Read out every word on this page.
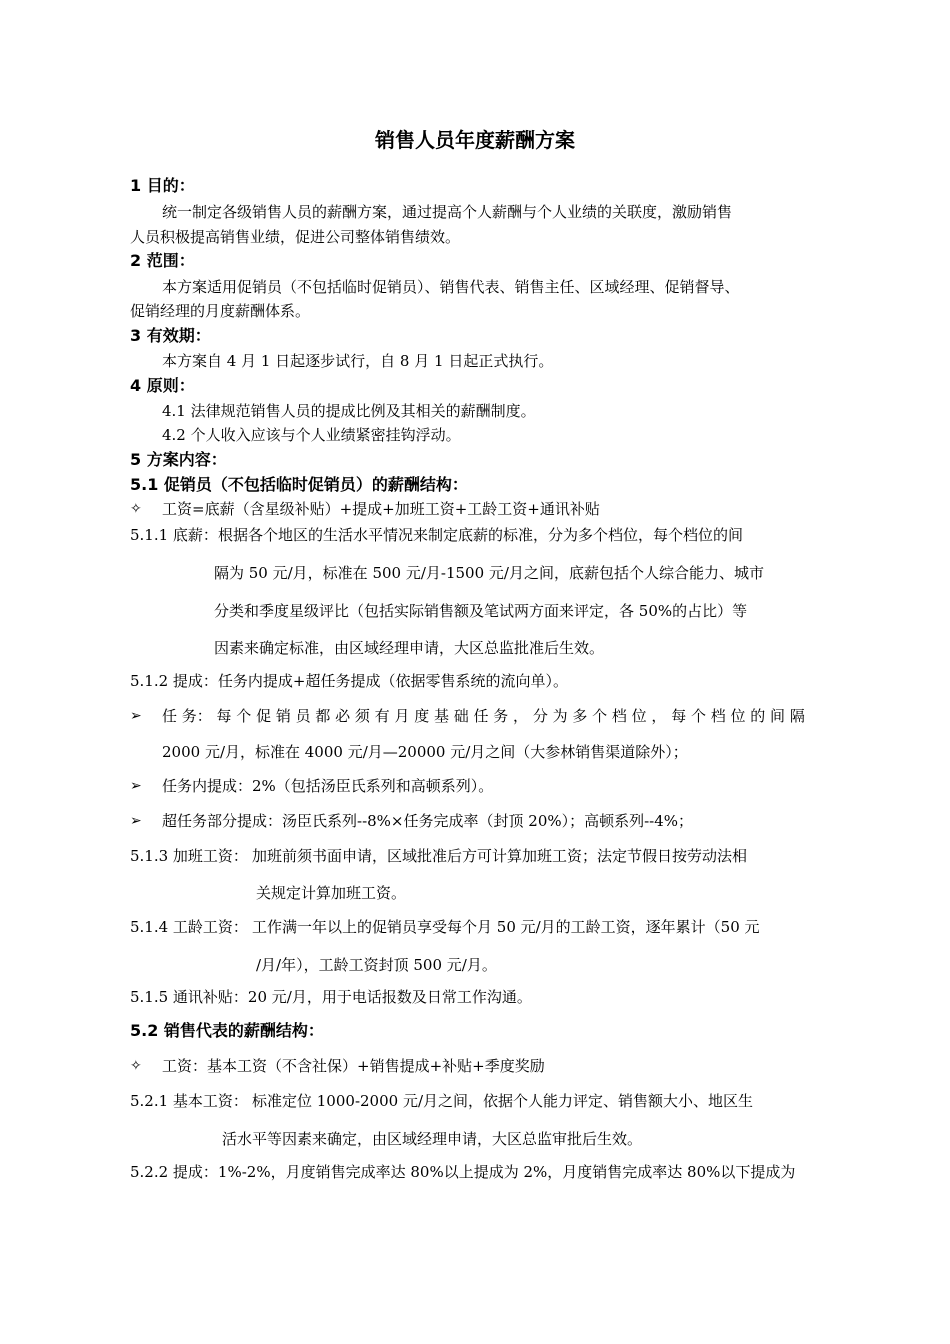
销售人员年度薪酬方案
1 目的：
统一制定各级销售人员的薪酬方案，通过提高个人薪酬与个人业绩的关联度，激励销售
人员积极提高销售业绩，促进公司整体销售绩效。
2 范围：
本方案适用促销员（不包括临时促销员）、销售代表、销售主任、区域经理、促销督导、
促销经理的月度薪酬体系。
3 有效期：
本方案自 4 月 1 日起逐步试行，自 8 月 1 日起正式执行。
4 原则：
4.1 法律规范销售人员的提成比例及其相关的薪酬制度。
4.2 个人收入应该与个人业绩紧密挂钩浮动。
5 方案内容：
5.1 促销员（不包括临时促销员）的薪酬结构：
✧ 工资=底薪（含星级补贴）+提成+加班工资+工龄工资+通讯补贴
5.1.1 底薪： 根据各个地区的生活水平情况来制定底薪的标准，分为多个档位，每个档位的间
隔为 50 元/月，标准在 500 元/月-1500 元/月之间，底薪包括个人综合能力、城市
分类和季度星级评比（包括实际销售额及笔试两方面来评定，各 50%的占比）等
因素来确定标准，由区域经理申请，大区总监批准后生效。
5.1.2 提成：任务内提成+超任务提成（依据零售系统的流向单）。
➢ 任 务： 每 个 促 销 员 都 必 须 有 月 度 基 础 任 务 ， 分 为 多 个 档 位 ， 每 个 档 位 的 间 隔
2000 元/月，标准在 4000 元/月—20000 元/月之间（大参林销售渠道除外）；
➢ 任务内提成：2%（包括汤臣氏系列和高顿系列）。
➢ 超任务部分提成：汤臣氏系列--8%×任务完成率（封顶 20%）；高顿系列--4%；
5.1.3 加班工资： 加班前须书面申请，区域批准后方可计算加班工资；法定节假日按劳动法相
关规定计算加班工资。
5.1.4 工龄工资： 工作满一年以上的促销员享受每个月 50 元/月的工龄工资，逐年累计（50 元
/月/年），工龄工资封顶 500 元/月。
5.1.5 通讯补贴：20 元/月，用于电话报数及日常工作沟通。
5.2 销售代表的薪酬结构：
✧ 工资：基本工资（不含社保）+销售提成+补贴+季度奖励
5.2.1 基本工资： 标准定位 1000-2000 元/月之间，依据个人能力评定、销售额大小、地区生
活水平等因素来确定，由区域经理申请，大区总监审批后生效。
5.2.2 提成：1%-2%，月度销售完成率达 80%以上提成为 2%，月度销售完成率达 80%以下提成为
